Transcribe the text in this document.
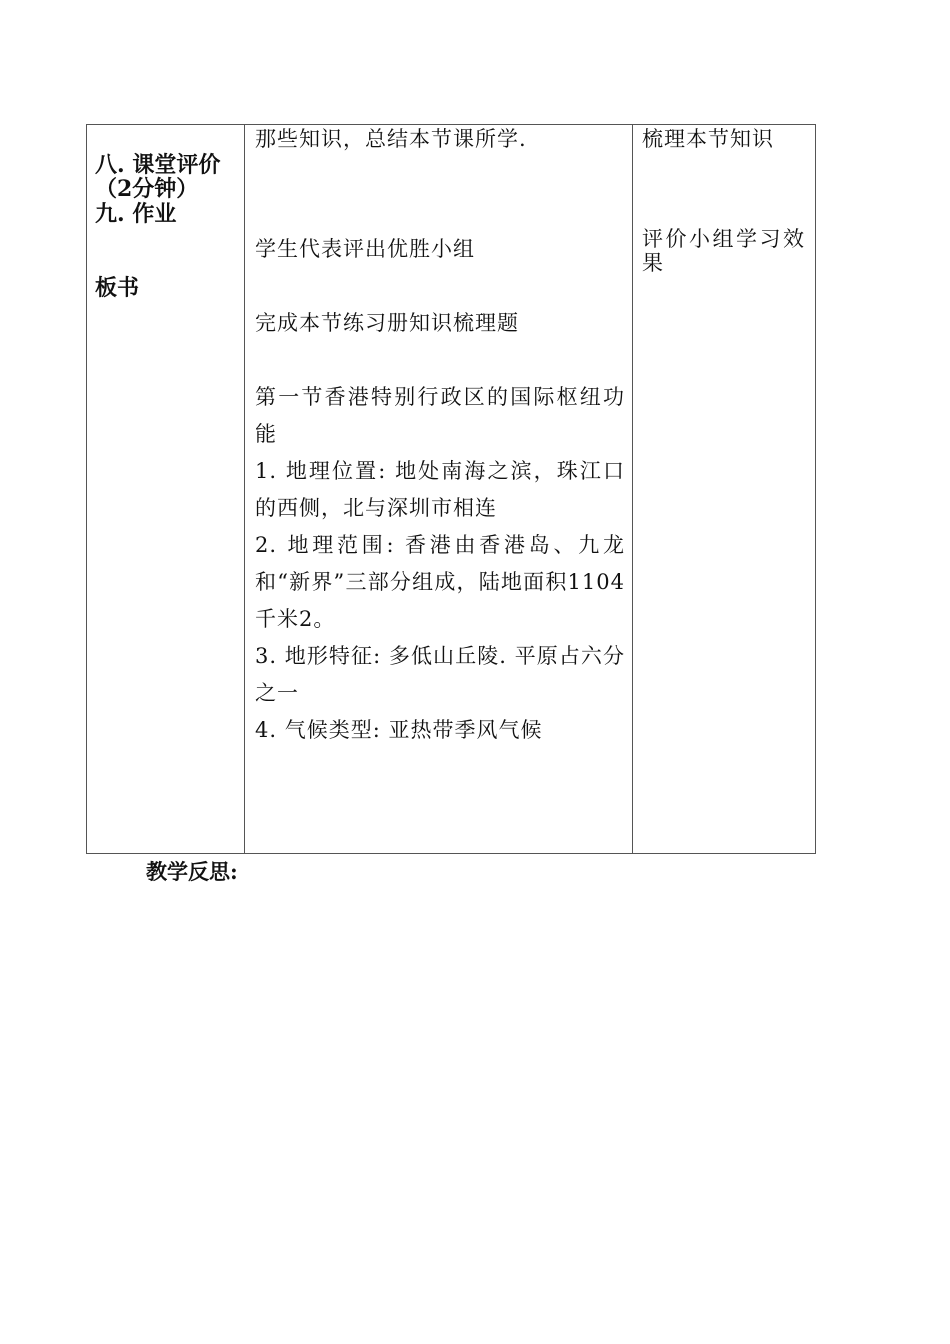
八. 课堂评价
（2分钟）
九. 作业
板书
那些知识，总结本节课所学.
学生代表评出优胜小组
完成本节练习册知识梳理题
第一节香港特别行政区的国际枢纽功能
1. 地理位置: 地处南海之滨，珠江口的西侧，北与深圳市相连
2. 地理范围: 香港由香港岛、九龙和“新界”三部分组成，陆地面积1104千米2。
3. 地形特征: 多低山丘陵. 平原占六分之一
4. 气候类型: 亚热带季风气候
梳理本节知识
评价小组学习效果
教学反思:
